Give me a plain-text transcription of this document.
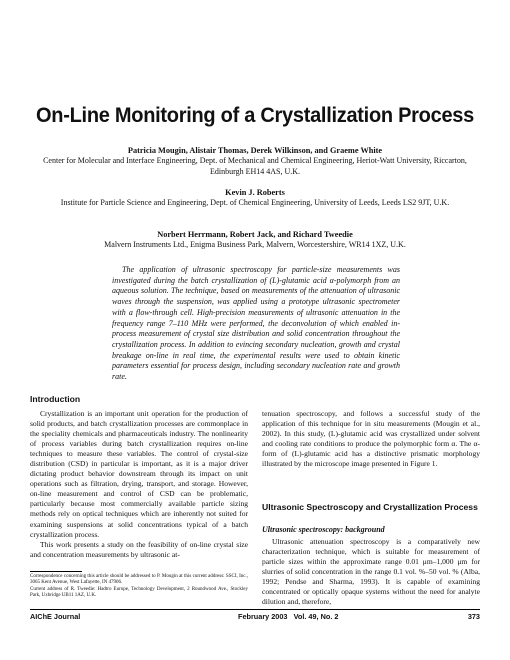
On-Line Monitoring of a Crystallization Process
Patricia Mougin, Alistair Thomas, Derek Wilkinson, and Graeme White
Center for Molecular and Interface Engineering, Dept. of Mechanical and Chemical Engineering, Heriot-Watt University, Riccarton, Edinburgh EH14 4AS, U.K.
Kevin J. Roberts
Institute for Particle Science and Engineering, Dept. of Chemical Engineering, University of Leeds, Leeds LS2 9JT, U.K.
Norbert Herrmann, Robert Jack, and Richard Tweedie
Malvern Instruments Ltd., Enigma Business Park, Malvern, Worcestershire, WR14 1XZ, U.K.
The application of ultrasonic spectroscopy for particle-size measurements was investigated during the batch crystallization of (L)-glutamic acid α-polymorph from an aqueous solution. The technique, based on measurements of the attenuation of ultrasonic waves through the suspension, was applied using a prototype ultrasonic spectrometer with a flow-through cell. High-precision measurements of ultrasonic attenuation in the frequency range 7–110 MHz were performed, the deconvolution of which enabled in-process measurement of crystal size distribution and solid concentration throughout the crystallization process. In addition to evincing secondary nucleation, growth and crystal breakage on-line in real time, the experimental results were used to obtain kinetic parameters essential for process design, including secondary nucleation rate and growth rate.
Introduction

Crystallization is an important unit operation for the production of solid products, and batch crystallization processes are commonplace in the speciality chemicals and pharmaceuticals industry. The nonlinearity of process variables during batch crystallization requires on-line techniques to measure these variables. The control of crystal-size distribution (CSD) in particular is important, as it is a major driver dictating product behavior downstream through its impact on unit operations such as filtration, drying, transport, and storage. However, on-line measurement and control of CSD can be problematic, particularly because most commercially available particle sizing methods rely on optical techniques which are inherently not suited for examining suspensions at solid concentrations typical of a batch crystallization process.

This work presents a study on the feasibility of on-line crystal size and concentration measurements by ultrasonic at-

Correspondence concerning this article should be addressed to P. Mougin at this current address: SSCI, Inc., 3065 Kent Avenue, West Lafayette, IN 47906.
Current address of R. Tweedie: Hadtro Europe, Technology Development, 2 Roundwood Ave., Stockley Park, Uxbridge UB11 1AZ, U.K.

tenuation spectroscopy, and follows a successful study of the application of this technique for in situ measurements (Mougin et al., 2002). In this study, (L)-glutamic acid was crystallized under solvent and cooling rate conditions to produce the polymorphic form α. The α-form of (L)-glutamic acid has a distinctive prismatic morphology illustrated by the microscope image presented in Figure 1.

Ultrasonic Spectroscopy and Crystallization Process
Ultrasonic spectroscopy: background

Ultrasonic attenuation spectroscopy is a comparatively new characterization technique, which is suitable for measurement of particle sizes within the approximate range 0.01 μm–1,000 μm for slurries of solid concentration in the range 0.1 vol. %–50 vol. % (Alba, 1992; Pendse and Sharma, 1993). It is capable of examining concentrated or optically opaque systems without the need for analyte dilution and, therefore,

AIChE Journal	February 2003   Vol. 49, No. 2	373
